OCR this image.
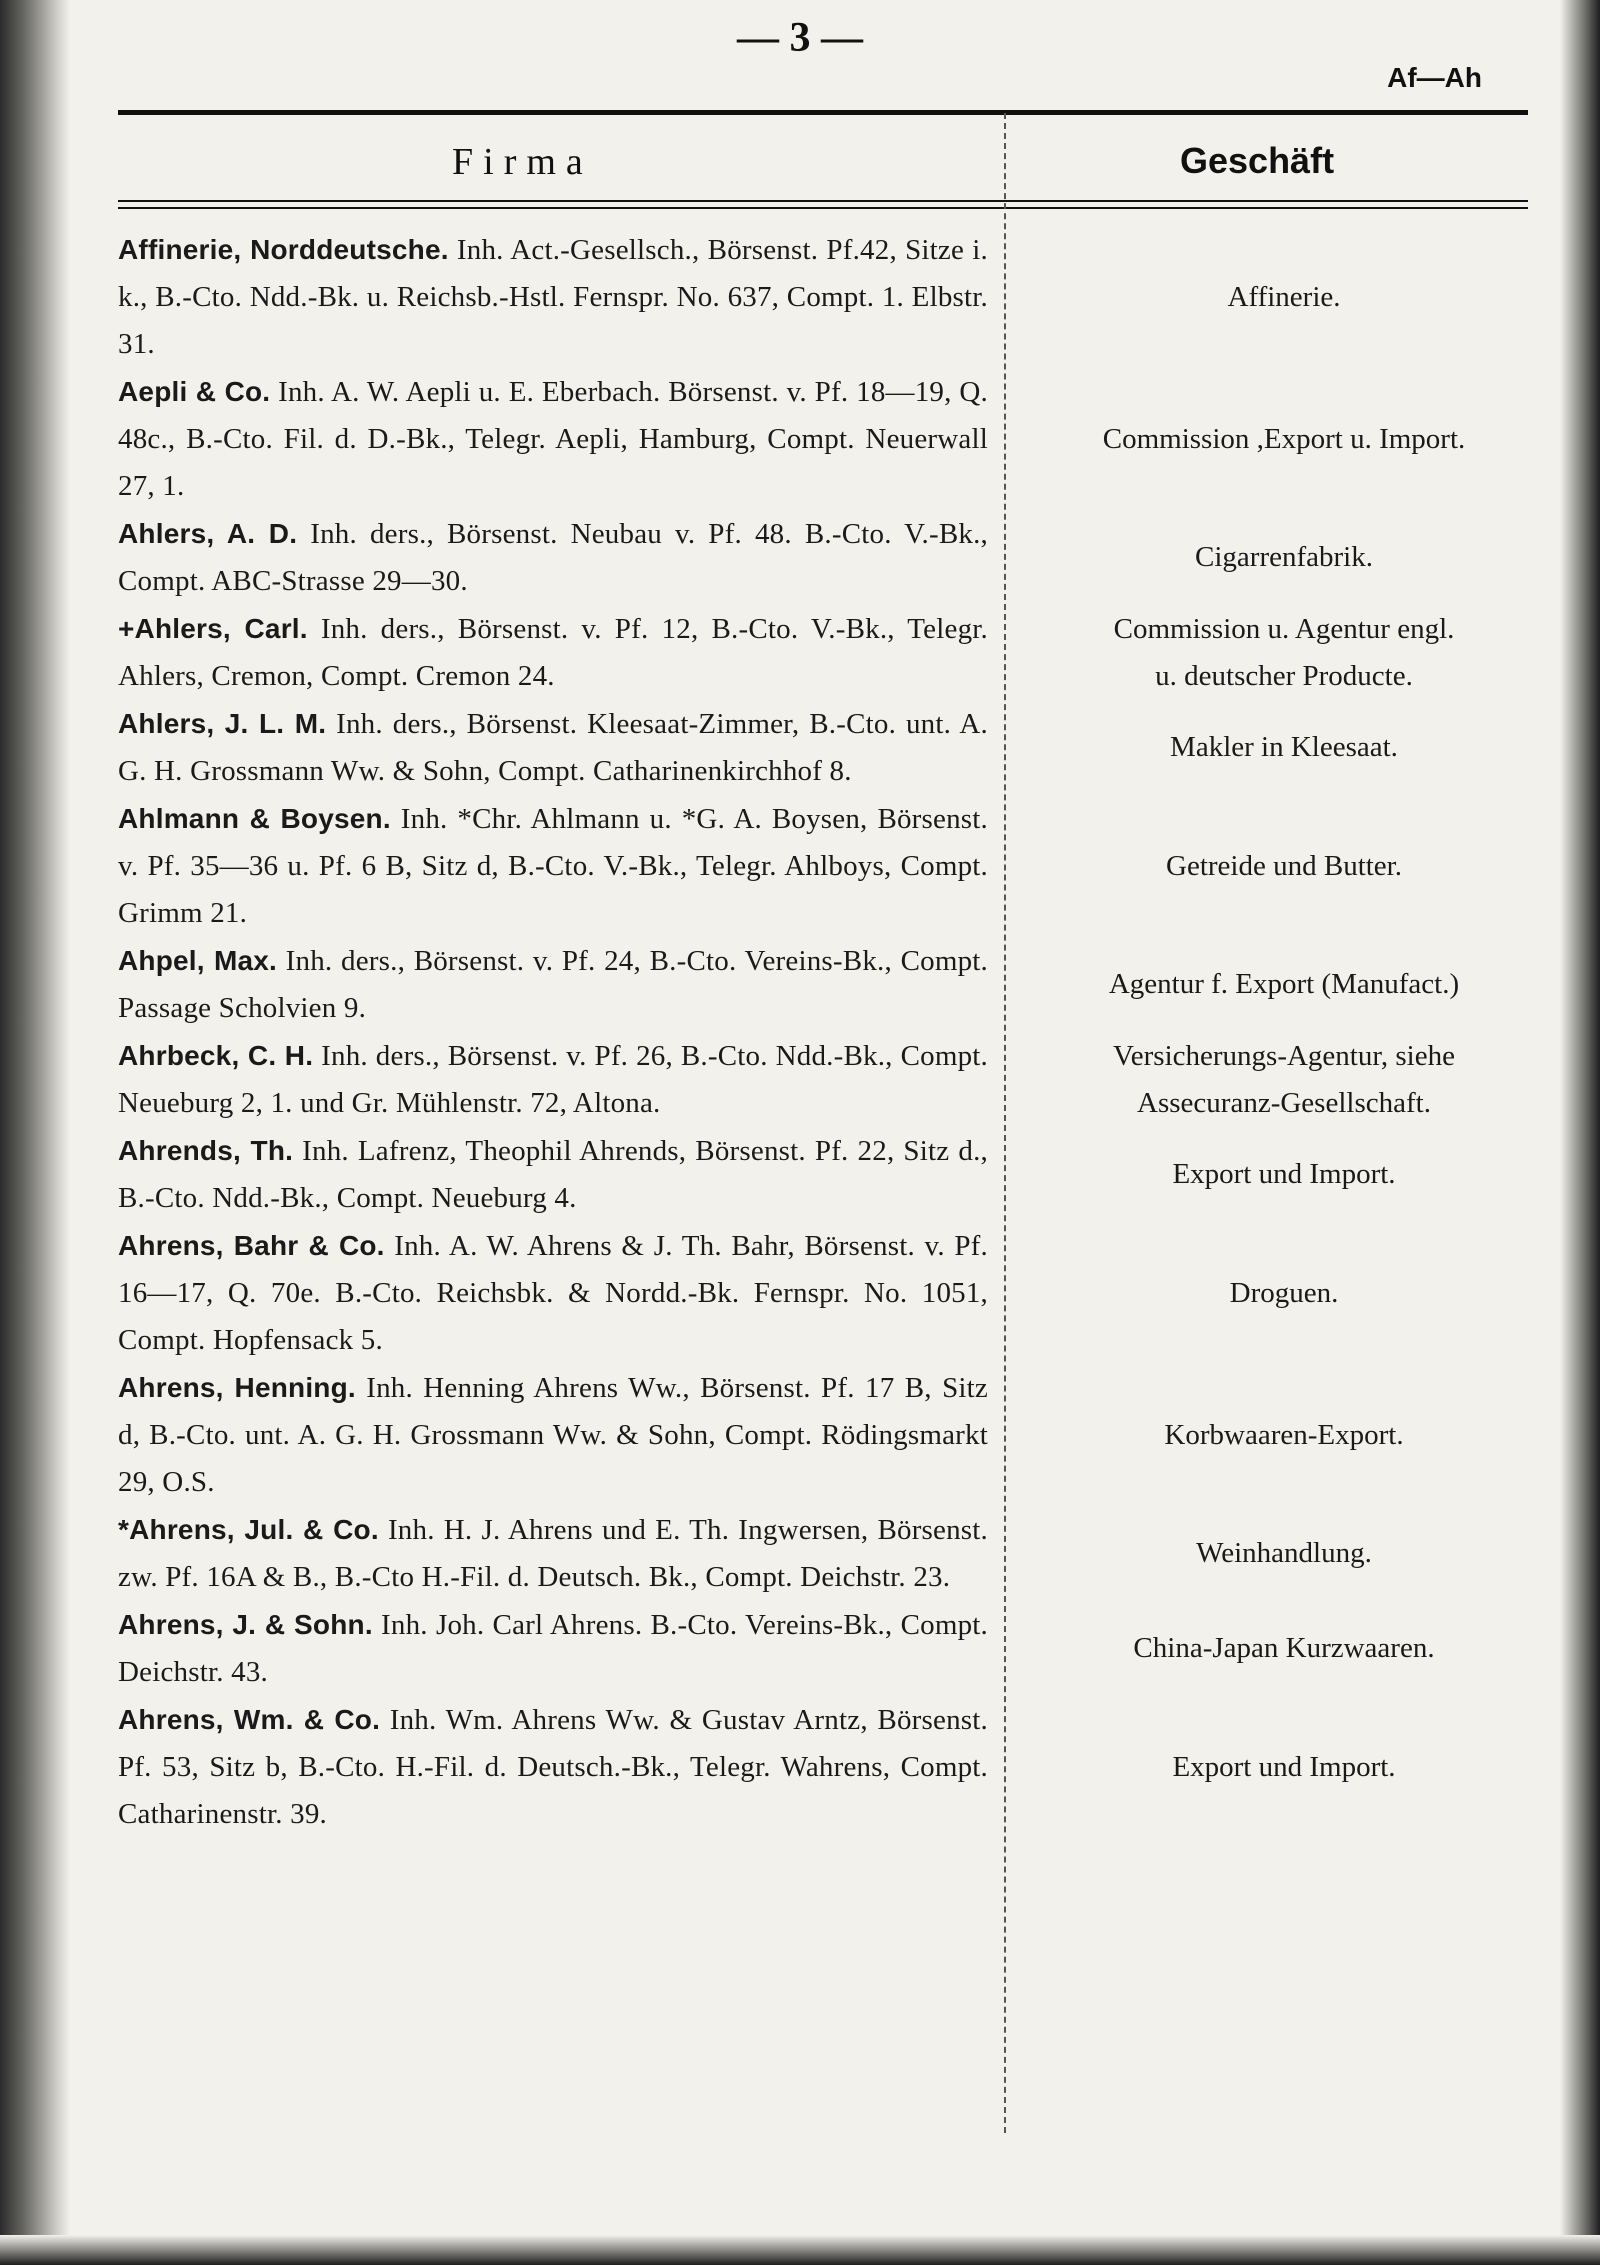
— 3 —
Af—Ah
Firma	Geschäft
Affinerie, Norddeutsche. Inh. Act.-Gesellsch., Börsenst. Pf.42, Sitze i. k., B.-Cto. Ndd.-Bk. u. Reichsb.-Hstl. Fernspr. No. 637, Compt. 1. Elbstr. 31.
Affinerie.
Aepli & Co. Inh. A. W. Aepli u. E. Eberbach. Börsenst. v. Pf. 18—19, Q. 48c., B.-Cto. Fil. d. D.-Bk., Telegr. Aepli, Hamburg, Compt. Neuerwall 27, 1.
Commission ,Export u. Import.
Ahlers, A. D. Inh. ders., Börsenst. Neubau v. Pf. 48. B.-Cto. V.-Bk., Compt. ABC-Strasse 29—30.
Cigarrenfabrik.
+Ahlers, Carl. Inh. ders., Börsenst. v. Pf. 12, B.-Cto. V.-Bk., Telegr. Ahlers, Cremon, Compt. Cremon 24.
Commission u. Agentur engl.
u. deutscher Producte.
Ahlers, J. L. M. Inh. ders., Börsenst. Kleesaat-Zimmer, B.-Cto. unt. A. G. H. Grossmann Ww. & Sohn, Compt. Catharinenkirchhof 8.
Makler in Kleesaat.
Ahlmann & Boysen. Inh. *Chr. Ahlmann u. *G. A. Boysen, Börsenst. v. Pf. 35—36 u. Pf. 6 B, Sitz d, B.-Cto. V.-Bk., Telegr. Ahlboys, Compt. Grimm 21.
Getreide und Butter.
Ahpel, Max. Inh. ders., Börsenst. v. Pf. 24, B.-Cto. Vereins-Bk., Compt. Passage Scholvien 9.
Agentur f. Export (Manufact.)
Ahrbeck, C. H. Inh. ders., Börsenst. v. Pf. 26, B.-Cto. Ndd.-Bk., Compt. Neueburg 2, 1. und Gr. Mühlenstr. 72, Altona.
Versicherungs-Agentur, siehe
Assecuranz-Gesellschaft.
Ahrends, Th. Inh. Lafrenz, Theophil Ahrends, Börsenst. Pf. 22, Sitz d., B.-Cto. Ndd.-Bk., Compt. Neueburg 4.
Export und Import.
Ahrens, Bahr & Co. Inh. A. W. Ahrens & J. Th. Bahr, Börsenst. v. Pf. 16—17, Q. 70e. B.-Cto. Reichsbk. & Nordd.-Bk. Fernspr. No. 1051, Compt. Hopfensack 5.
Droguen.
Ahrens, Henning. Inh. Henning Ahrens Ww., Börsenst. Pf. 17 B, Sitz d, B.-Cto. unt. A. G. H. Grossmann Ww. & Sohn, Compt. Rödingsmarkt 29, O.S.
Korbwaaren-Export.
*Ahrens, Jul. & Co. Inh. H. J. Ahrens und E. Th. Ingwersen, Börsenst. zw. Pf. 16A & B., B.-Cto H.-Fil. d. Deutsch. Bk., Compt. Deichstr. 23.
Weinhandlung.
Ahrens, J. & Sohn. Inh. Joh. Carl Ahrens. B.-Cto. Vereins-Bk., Compt. Deichstr. 43.
China-Japan Kurzwaaren.
Ahrens, Wm. & Co. Inh. Wm. Ahrens Ww. & Gustav Arntz, Börsenst. Pf. 53, Sitz b, B.-Cto. H.-Fil. d. Deutsch.-Bk., Telegr. Wahrens, Compt. Catharinenstr. 39.
Export und Import.
